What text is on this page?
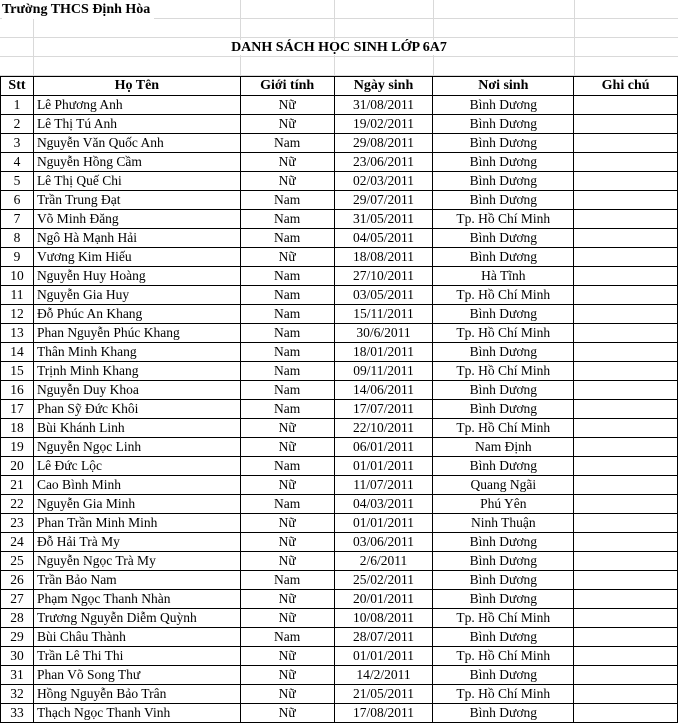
Trường THCS Định Hòa
DANH SÁCH HỌC SINH LỚP 6A7
Stt	Họ Tên	Giới tính	Ngày sinh	Nơi sinh	Ghi chú
1	Lê Phương Anh	Nữ	31/08/2011	Bình Dương	
2	Lê Thị Tú Anh	Nữ	19/02/2011	Bình Dương	
3	Nguyễn Văn Quốc Anh	Nam	29/08/2011	Bình Dương	
4	Nguyễn Hồng Cầm	Nữ	23/06/2011	Bình Dương	
5	Lê Thị Quế Chi	Nữ	02/03/2011	Bình Dương	
6	Trần Trung Đạt	Nam	29/07/2011	Bình Dương	
7	Võ Minh Đăng	Nam	31/05/2011	Tp. Hồ Chí Minh	
8	Ngô Hà Mạnh Hải	Nam	04/05/2011	Bình Dương	
9	Vương Kim Hiếu	Nữ	18/08/2011	Bình Dương	
10	Nguyễn Huy Hoàng	Nam	27/10/2011	Hà Tĩnh	
11	Nguyễn Gia Huy	Nam	03/05/2011	Tp. Hồ Chí Minh	
12	Đỗ Phúc An Khang	Nam	15/11/2011	Bình Dương	
13	Phan Nguyễn Phúc Khang	Nam	30/6/2011	Tp. Hồ Chí Minh	
14	Thân Minh Khang	Nam	18/01/2011	Bình Dương	
15	Trịnh Minh Khang	Nam	09/11/2011	Tp. Hồ Chí Minh	
16	Nguyễn Duy Khoa	Nam	14/06/2011	Bình Dương	
17	Phan Sỹ Đức Khôi	Nam	17/07/2011	Bình Dương	
18	Bùi Khánh Linh	Nữ	22/10/2011	Tp. Hồ Chí Minh	
19	Nguyễn Ngọc Linh	Nữ	06/01/2011	Nam Định	
20	Lê Đức Lộc	Nam	01/01/2011	Bình Dương	
21	Cao Bình Minh	Nữ	11/07/2011	Quang Ngãi	
22	Nguyễn Gia Minh	Nam	04/03/2011	Phú Yên	
23	Phan Trần Minh Minh	Nữ	01/01/2011	Ninh Thuận	
24	Đỗ Hải Trà My	Nữ	03/06/2011	Bình Dương	
25	Nguyễn Ngọc Trà My	Nữ	2/6/2011	Bình Dương	
26	Trần Bảo Nam	Nam	25/02/2011	Bình Dương	
27	Phạm Ngọc Thanh Nhàn	Nữ	20/01/2011	Bình Dương	
28	Trương Nguyễn Diễm Quỳnh	Nữ	10/08/2011	Tp. Hồ Chí Minh	
29	Bùi Châu Thành	Nam	28/07/2011	Bình Dương	
30	Trần Lê Thi Thi	Nữ	01/01/2011	Tp. Hồ Chí Minh	
31	Phan Võ Song Thư	Nữ	14/2/2011	Bình Dương	
32	Hồng Nguyễn Bảo Trân	Nữ	21/05/2011	Tp. Hồ Chí Minh	
33	Thạch Ngọc Thanh Vinh	Nữ	17/08/2011	Bình Dương	
